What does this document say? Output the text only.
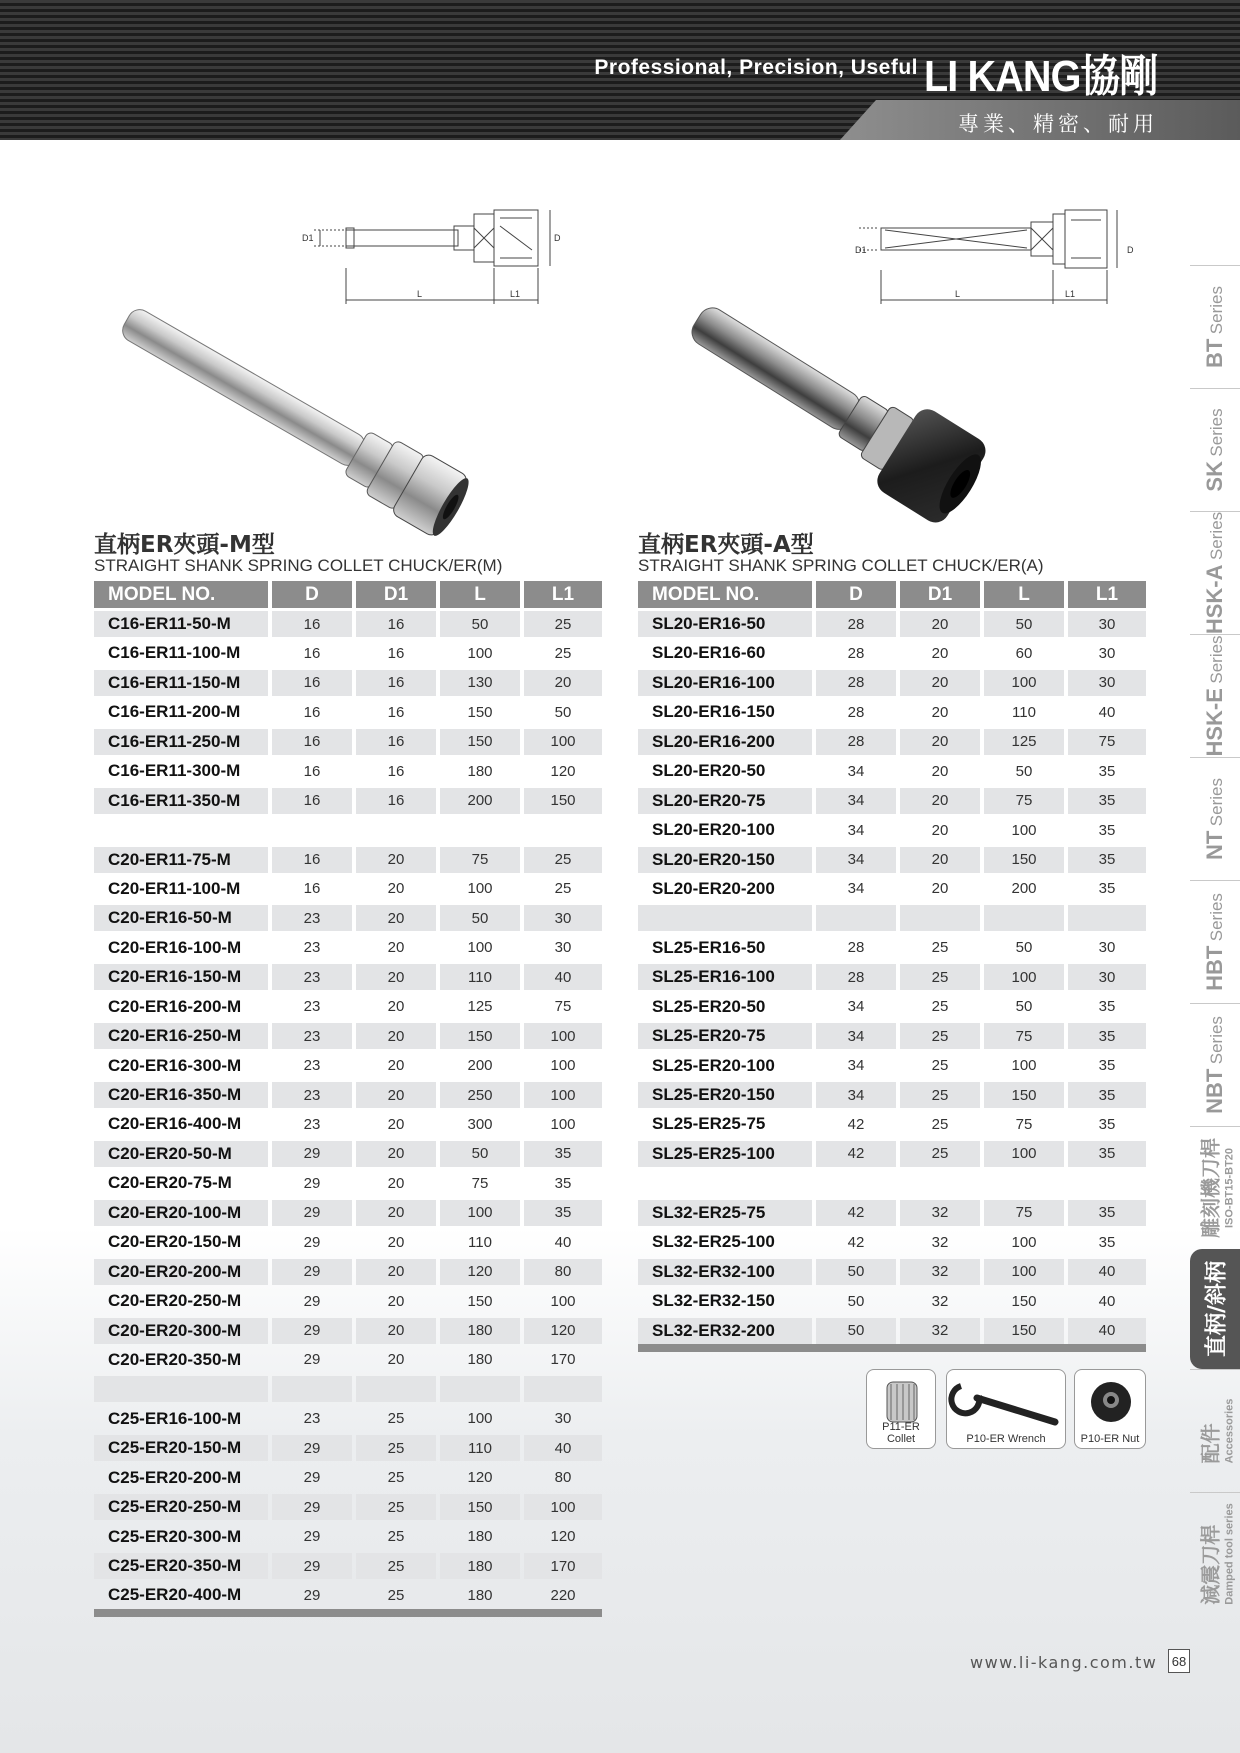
Professional, Precision, Useful LI KANG協剛
專業、精密、耐用
D1	D
L	L1
D1	D
L	L1
直柄ER夾頭-M型
STRAIGHT SHANK SPRING COLLET CHUCK/ER(M)
直柄ER夾頭-A型
STRAIGHT SHANK SPRING COLLET CHUCK/ER(A)
MODEL NO.	D	D1	L	L1
C16-ER11-50-M	16	16	50	25
C16-ER11-100-M	16	16	100	25
C16-ER11-150-M	16	16	130	20
C16-ER11-200-M	16	16	150	50
C16-ER11-250-M	16	16	150	100
C16-ER11-300-M	16	16	180	120
C16-ER11-350-M	16	16	200	150
C20-ER11-75-M	16	20	75	25
C20-ER11-100-M	16	20	100	25
C20-ER16-50-M	23	20	50	30
C20-ER16-100-M	23	20	100	30
C20-ER16-150-M	23	20	110	40
C20-ER16-200-M	23	20	125	75
C20-ER16-250-M	23	20	150	100
C20-ER16-300-M	23	20	200	100
C20-ER16-350-M	23	20	250	100
C20-ER16-400-M	23	20	300	100
C20-ER20-50-M	29	20	50	35
C20-ER20-75-M	29	20	75	35
C20-ER20-100-M	29	20	100	35
C20-ER20-150-M	29	20	110	40
C20-ER20-200-M	29	20	120	80
C20-ER20-250-M	29	20	150	100
C20-ER20-300-M	29	20	180	120
C20-ER20-350-M	29	20	180	170
C25-ER16-100-M	23	25	100	30
C25-ER20-150-M	29	25	110	40
C25-ER20-200-M	29	25	120	80
C25-ER20-250-M	29	25	150	100
C25-ER20-300-M	29	25	180	120
C25-ER20-350-M	29	25	180	170
C25-ER20-400-M	29	25	180	220
MODEL NO.	D	D1	L	L1
SL20-ER16-50	28	20	50	30
SL20-ER16-60	28	20	60	30
SL20-ER16-100	28	20	100	30
SL20-ER16-150	28	20	110	40
SL20-ER16-200	28	20	125	75
SL20-ER20-50	34	20	50	35
SL20-ER20-75	34	20	75	35
SL20-ER20-100	34	20	100	35
SL20-ER20-150	34	20	150	35
SL20-ER20-200	34	20	200	35
SL25-ER16-50	28	25	50	30
SL25-ER16-100	28	25	100	30
SL25-ER20-50	34	25	50	35
SL25-ER20-75	34	25	75	35
SL25-ER20-100	34	25	100	35
SL25-ER20-150	34	25	150	35
SL25-ER25-75	42	25	75	35
SL25-ER25-100	42	25	100	35
SL32-ER25-75	42	32	75	35
SL32-ER25-100	42	32	100	35
SL32-ER32-100	50	32	100	40
SL32-ER32-150	50	32	150	40
SL32-ER32-200	50	32	150	40
P11-ER Collet	P10-ER Wrench	P10-ER Nut
BT Series
SK Series
HSK-A Series
HSK-E Series
NT Series
HBT Series
NBT Series
雕刻機刀桿 ISO-BT15-BT20
直柄/斜柄
配件 Accessories
減震刀桿 Damped tool series
www.li-kang.com.tw 68
